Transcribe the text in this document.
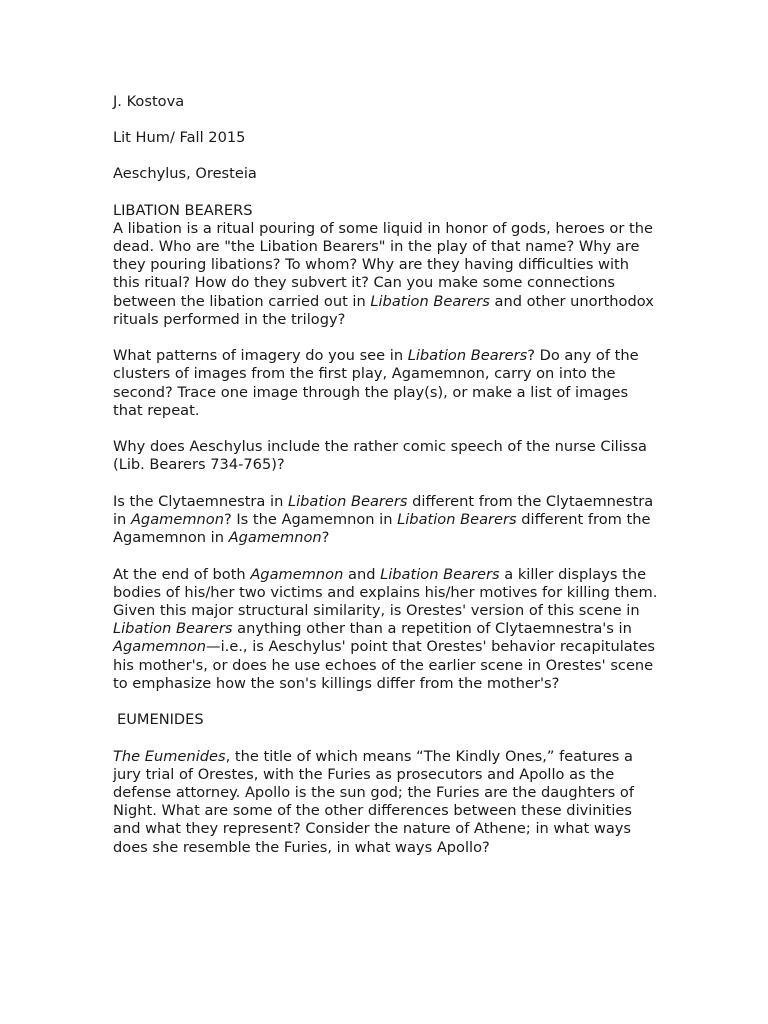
J. Kostova

Lit Hum/ Fall 2015

Aeschylus, Oresteia

LIBATION BEARERS

A libation is a ritual pouring of some liquid in honor of gods, heroes or the dead. Who are "the Libation Bearers" in the play of that name? Why are they pouring libations? To whom? Why are they having difficulties with this ritual? How do they subvert it? Can you make some connections between the libation carried out in Libation Bearers and other unorthodox rituals performed in the trilogy?

What patterns of imagery do you see in Libation Bearers? Do any of the clusters of images from the first play, Agamemnon, carry on into the second? Trace one image through the play(s), or make a list of images that repeat.

Why does Aeschylus include the rather comic speech of the nurse Cilissa (Lib. Bearers 734-765)?

Is the Clytaemnestra in Libation Bearers different from the Clytaemnestra in Agamemnon? Is the Agamemnon in Libation Bearers different from the Agamemnon in Agamemnon?

At the end of both Agamemnon and Libation Bearers a killer displays the bodies of his/her two victims and explains his/her motives for killing them. Given this major structural similarity, is Orestes' version of this scene in Libation Bearers anything other than a repetition of Clytaemnestra's in Agamemnon—i.e., is Aeschylus' point that Orestes' behavior recapitulates his mother's, or does he use echoes of the earlier scene in Orestes' scene to emphasize how the son's killings differ from the mother's?

EUMENIDES

The Eumenides, the title of which means “The Kindly Ones,” features a jury trial of Orestes, with the Furies as prosecutors and Apollo as the defense attorney. Apollo is the sun god; the Furies are the daughters of Night. What are some of the other differences between these divinities and what they represent? Consider the nature of Athene; in what ways does she resemble the Furies, in what ways Apollo?
